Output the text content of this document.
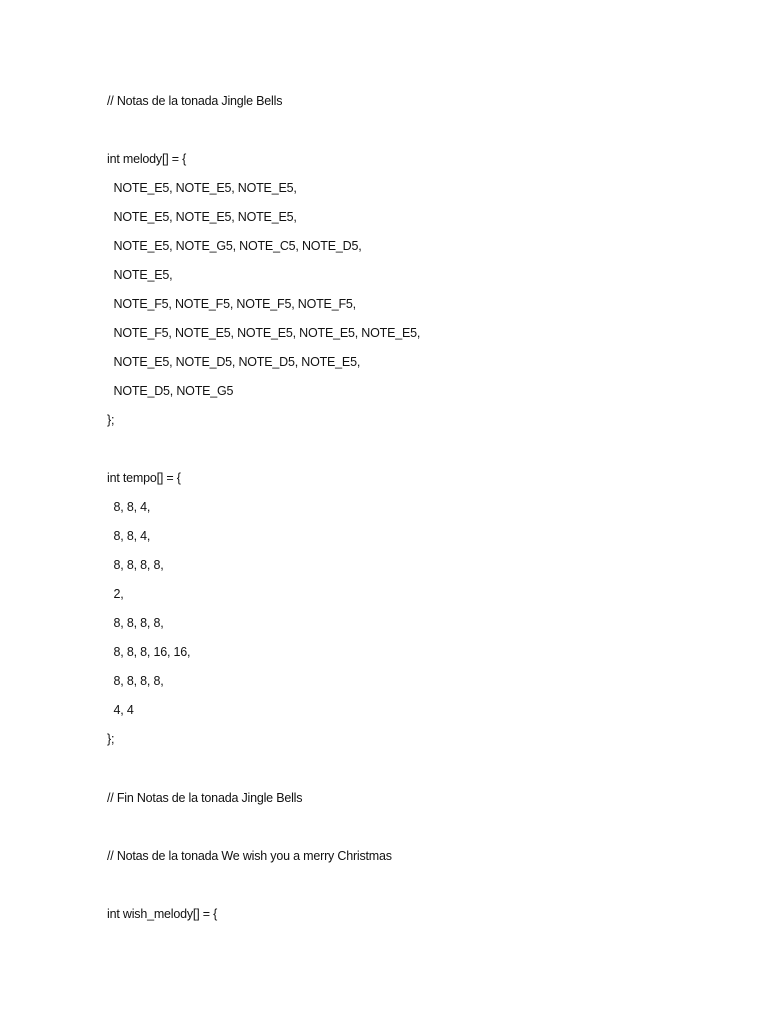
// Notas de la tonada Jingle Bells
int melody[] = {
NOTE_E5, NOTE_E5, NOTE_E5,
NOTE_E5, NOTE_E5, NOTE_E5,
NOTE_E5, NOTE_G5, NOTE_C5, NOTE_D5,
NOTE_E5,
NOTE_F5, NOTE_F5, NOTE_F5, NOTE_F5,
NOTE_F5, NOTE_E5, NOTE_E5, NOTE_E5, NOTE_E5,
NOTE_E5, NOTE_D5, NOTE_D5, NOTE_E5,
NOTE_D5, NOTE_G5
};
int tempo[] = {
8, 8, 4,
8, 8, 4,
8, 8, 8, 8,
2,
8, 8, 8, 8,
8, 8, 8, 16, 16,
8, 8, 8, 8,
4, 4
};
// Fin Notas de la tonada Jingle Bells
// Notas de la tonada We wish you a merry Christmas
int wish_melody[] = {
